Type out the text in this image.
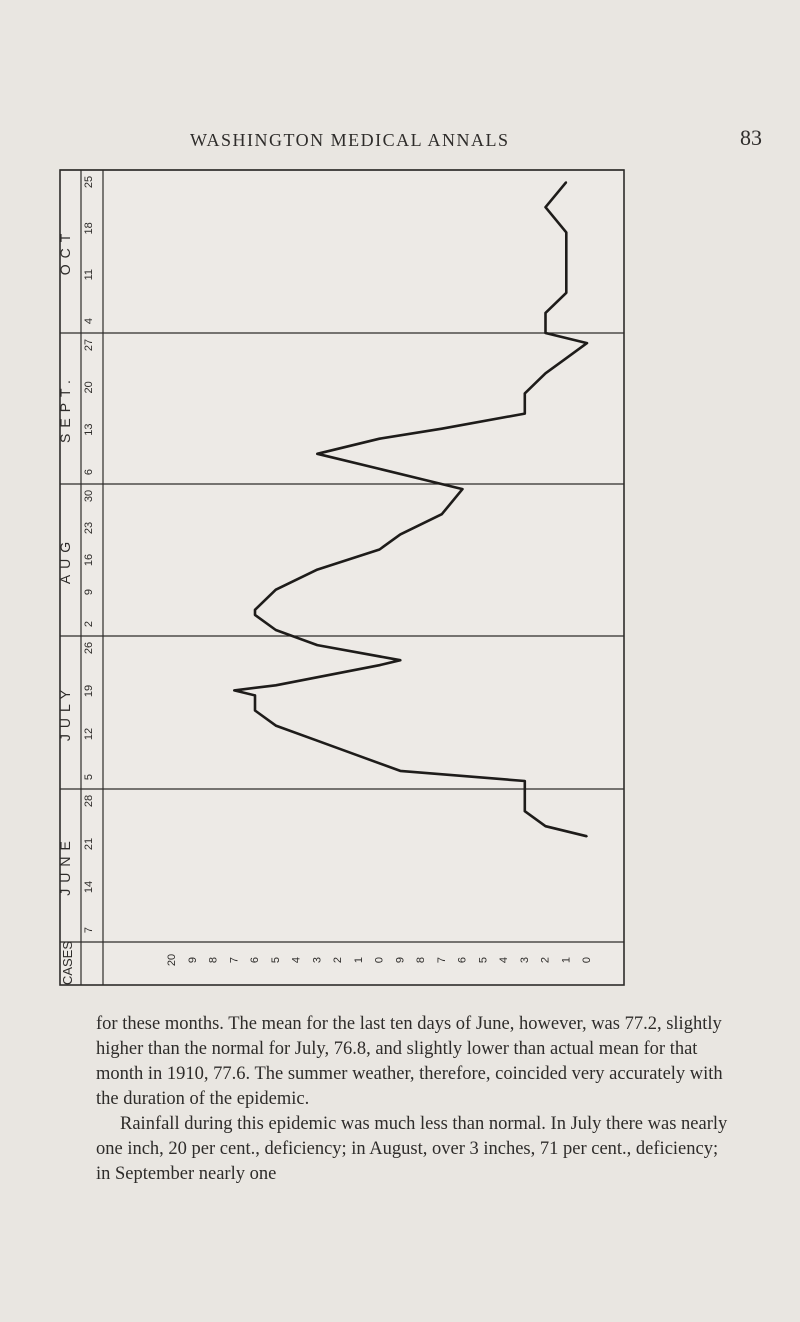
WASHINGTON MEDICAL ANNALS	83
OCT
4
11
18
25
SEPT.
6
13
20
27
AUG
2
9
16
23
30
JULY
5
12
19
26
JUNE
7
14
21
28
CASES	20 9 8 7 6 5 4 3 2 1 0 9 8 7 6 5 4 3 2 1 0

for these months. The mean for the last ten days of June, however, was 77.2, slightly higher than the normal for July, 76.8, and slightly lower than actual mean for that month in 1910, 77.6. The summer weather, therefore, coincided very accurately with the duration of the epidemic.

Rainfall during this epidemic was much less than normal. In July there was nearly one inch, 20 per cent., deficiency; in August, over 3 inches, 71 per cent., deficiency; in September nearly one
